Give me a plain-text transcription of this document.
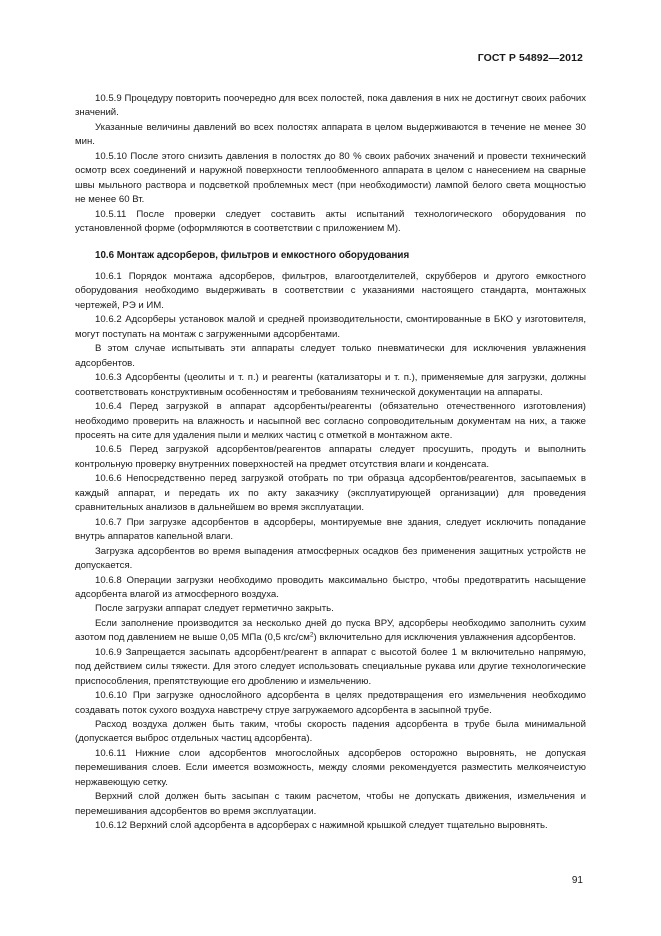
ГОСТ Р 54892—2012

10.5.9 Процедуру повторить поочередно для всех полостей, пока давления в них не достигнут своих рабочих значений.

Указанные величины давлений во всех полостях аппарата в целом выдерживаются в течение не менее 30 мин.

10.5.10 После этого снизить давления в полостях до 80 % своих рабочих значений и провести технический осмотр всех соединений и наружной поверхности теплообменного аппарата в целом с нанесением на сварные швы мыльного раствора и подсветкой проблемных мест (при необходимости) лампой белого света мощностью не менее 60 Вт.

10.5.11 После проверки следует составить акты испытаний технологического оборудования по установленной форме (оформляются в соответствии с приложением М).

10.6 Монтаж адсорберов, фильтров и емкостного оборудования

10.6.1 Порядок монтажа адсорберов, фильтров, влагоотделителей, скрубберов и другого емкостного оборудования необходимо выдерживать в соответствии с указаниями настоящего стандарта, монтажных чертежей, РЭ и ИМ.

10.6.2 Адсорберы установок малой и средней производительности, смонтированные в БКО у изготовителя, могут поступать на монтаж с загруженными адсорбентами.

В этом случае испытывать эти аппараты следует только пневматически для исключения увлажнения адсорбентов.

10.6.3 Адсорбенты (цеолиты и т. п.) и реагенты (катализаторы и т. п.), применяемые для загрузки, должны соответствовать конструктивным особенностям и требованиям технической документации на аппараты.

10.6.4 Перед загрузкой в аппарат адсорбенты/реагенты (обязательно отечественного изготовления) необходимо проверить на влажность и насыпной вес согласно сопроводительным документам на них, а также просеять на сите для удаления пыли и мелких частиц с отметкой в монтажном акте.

10.6.5 Перед загрузкой адсорбентов/реагентов аппараты следует просушить, продуть и выполнить контрольную проверку внутренних поверхностей на предмет отсутствия влаги и конденсата.

10.6.6 Непосредственно перед загрузкой отобрать по три образца адсорбентов/реагентов, засыпаемых в каждый аппарат, и передать их по акту заказчику (эксплуатирующей организации) для проведения сравнительных анализов в дальнейшем во время эксплуатации.

10.6.7 При загрузке адсорбентов в адсорберы, монтируемые вне здания, следует исключить попадание внутрь аппаратов капельной влаги.

Загрузка адсорбентов во время выпадения атмосферных осадков без применения защитных устройств не допускается.

10.6.8 Операции загрузки необходимо проводить максимально быстро, чтобы предотвратить насыщение адсорбента влагой из атмосферного воздуха.

После загрузки аппарат следует герметично закрыть.

Если заполнение производится за несколько дней до пуска ВРУ, адсорберы необходимо заполнить сухим азотом под давлением не выше 0,05 МПа (0,5 кгс/$см^2$) включительно для исключения увлажнения адсорбентов.

10.6.9 Запрещается засыпать адсорбент/реагент в аппарат с высотой более 1 м включительно напрямую, под действием силы тяжести. Для этого следует использовать специальные рукава или другие технологические приспособления, препятствующие его дроблению и измельчению.

10.6.10 При загрузке однослойного адсорбента в целях предотвращения его измельчения необходимо создавать поток сухого воздуха навстречу струе загружаемого адсорбента в засыпной трубе.

Расход воздуха должен быть таким, чтобы скорость падения адсорбента в трубе была минимальной (допускается выброс отдельных частиц адсорбента).

10.6.11 Нижние слои адсорбентов многослойных адсорберов осторожно выровнять, не допуская перемешивания слоев. Если имеется возможность, между слоями рекомендуется разместить мелкоячеистую нержавеющую сетку.

Верхний слой должен быть засыпан с таким расчетом, чтобы не допускать движения, измельчения и перемешивания адсорбентов во время эксплуатации.

10.6.12 Верхний слой адсорбента в адсорберах с нажимной крышкой следует тщательно выровнять.

91
